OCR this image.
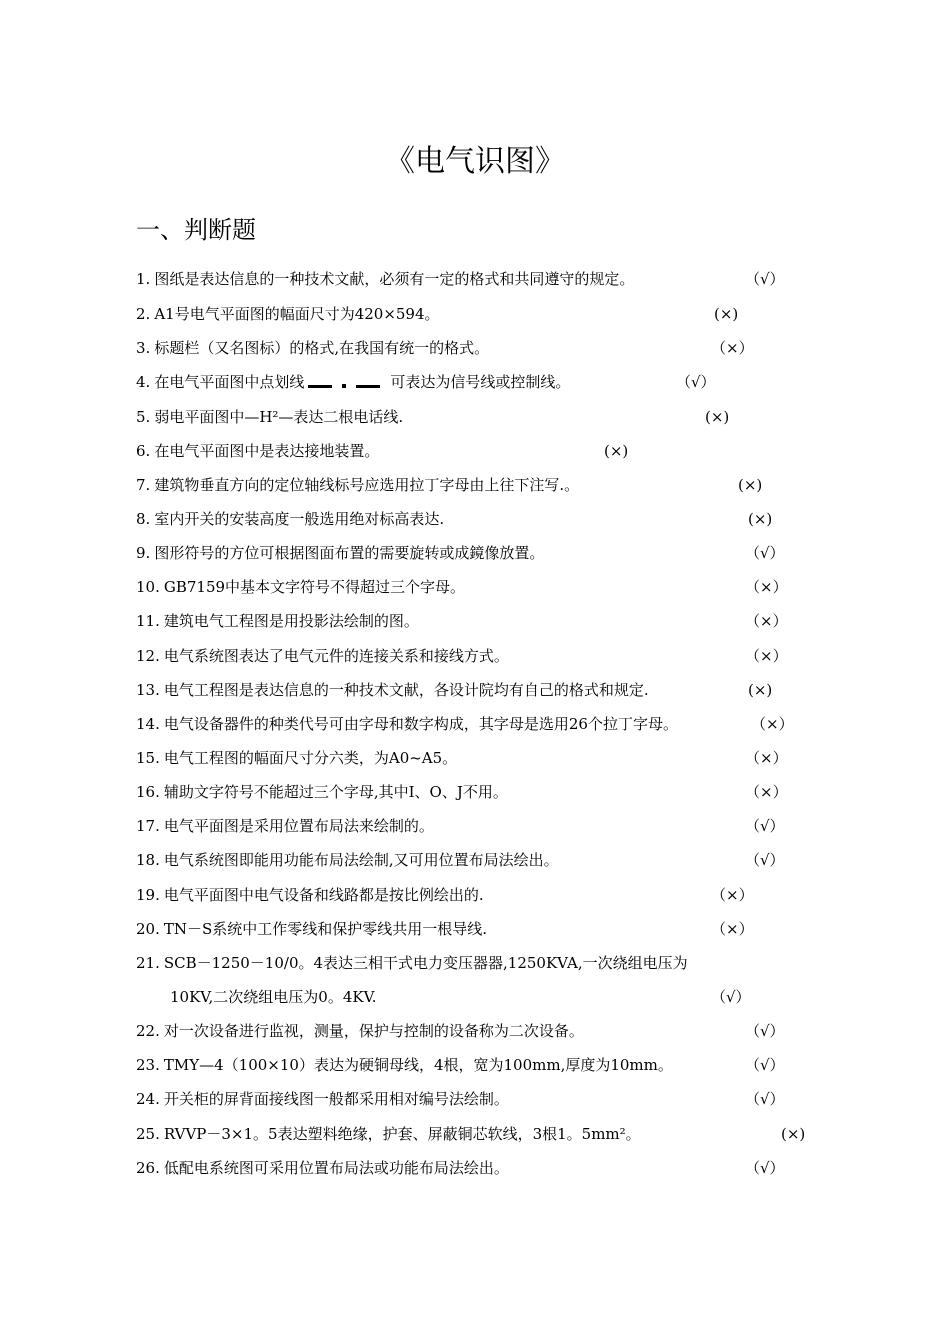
《电气识图》
一、判断题
1. 图纸是表达信息的一种技术文献，必须有一定的格式和共同遵守的规定。	（√）
2. A1号电气平面图的幅面尺寸为420×594。	(×)
3. 标题栏（又名图标）的格式,在我国有统一的格式。	（×）
4. 在电气平面图中点划线	可表达为信号线或控制线。	（√）
5. 弱电平面图中—H²—表达二根电话线.	(×)
6. 在电气平面图中是表达接地装置。	(×)
7. 建筑物垂直方向的定位轴线标号应选用拉丁字母由上往下注写.。	(×)
8. 室内开关的安装高度一般选用绝对标高表达.	(×)
9. 图形符号的方位可根据图面布置的需要旋转或成鏡像放置。	（√）
10. GB7159中基本文字符号不得超过三个字母。	（×）
11. 建筑电气工程图是用投影法绘制的图。	（×）
12. 电气系统图表达了电气元件的连接关系和接线方式。	（×）
13. 电气工程图是表达信息的一种技术文献，各设计院均有自己的格式和规定.	(×)
14. 电气设备器件的种类代号可由字母和数字构成，其字母是选用26个拉丁字母。	（×）
15. 电气工程图的幅面尺寸分六类，为A0~A5。	（×）
16. 辅助文字符号不能超过三个字母,其中I、O、J不用。	（×）
17. 电气平面图是采用位置布局法来绘制的。	（√）
18. 电气系统图即能用功能布局法绘制,又可用位置布局法绘出。	（√）
19. 电气平面图中电气设备和线路都是按比例绘出的.	（×）
20. TN－S系统中工作零线和保护零线共用一根导线.	（×）
21. SCB－1250－10/0。4表达三相干式电力变压器器,1250KVA,一次绕组电压为
10KV,二次绕组电压为0。4KV.	（√）
22. 对一次设备进行监视，测量，保护与控制的设备称为二次设备。	（√）
23. TMY—4（100×10）表达为硬铜母线，4根，宽为100mm,厚度为10mm。	（√）
24. 开关柜的屏背面接线图一般都采用相对编号法绘制。	（√）
25. RVVP－3×1。5表达塑料绝缘，护套、屏蔽铜芯软线，3根1。5mm²。	(×)
26. 低配电系统图可采用位置布局法或功能布局法绘出。	（√）
